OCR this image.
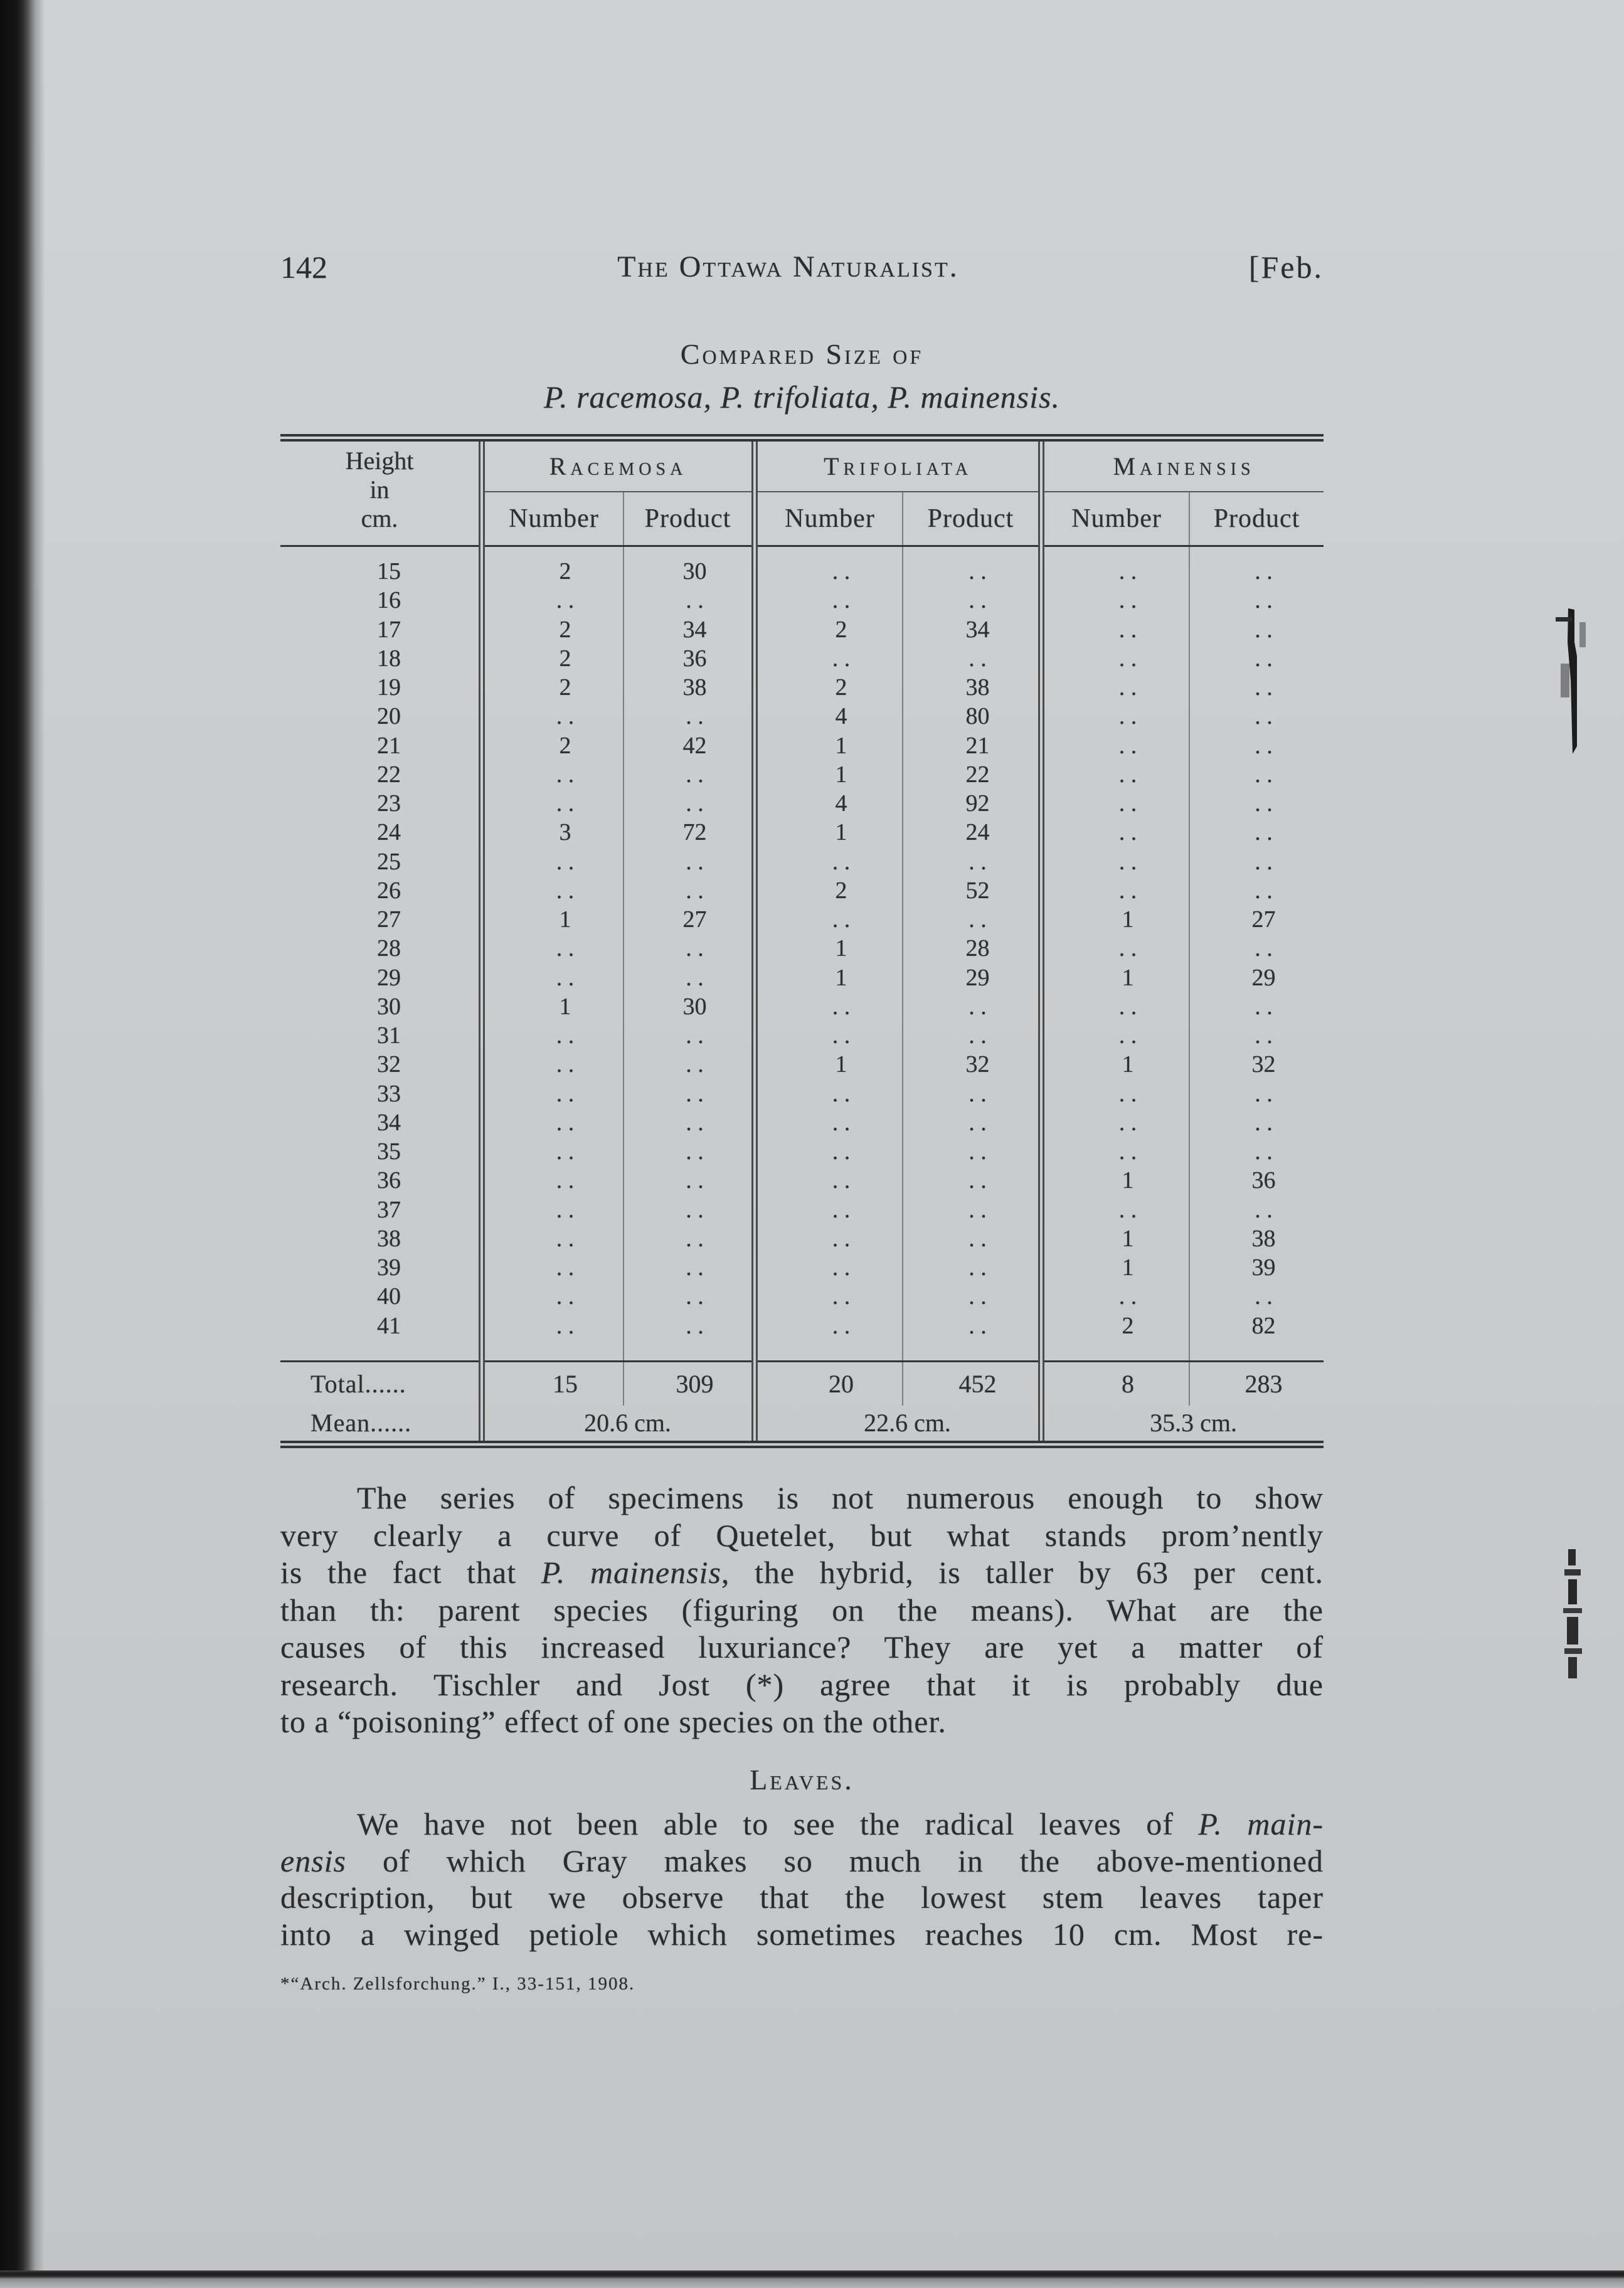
142	The Ottawa Naturalist.	[Feb.
Compared Size of
P. racemosa, P. trifoliata, P. mainensis.
Height
in
cm.	Racemosa		Trifoliata		Mainensis	
	Number	Product	Number	Product	Number	Product

15	2	30	. .	. .	. .	. .
16	. .	. .	. .	. .	. .	. .
17	2	34	2	34	. .	. .
18	2	36	. .	. .	. .	. .
19	2	38	2	38	. .	. .
20	. .	. .	4	80	. .	. .
21	2	42	1	21	. .	. .
22	. .	. .	1	22	. .	. .
23	. .	. .	4	92	. .	. .
24	3	72	1	24	. .	. .
25	. .	. .	. .	. .	. .	. .
26	. .	. .	2	52	. .	. .
27	1	27	. .	. .	1	27
28	. .	. .	1	28	. .	. .
29	. .	. .	1	29	1	29
30	1	30	. .	. .	. .	. .
31	. .	. .	. .	. .	. .	. .
32	. .	. .	1	32	1	32
33	. .	. .	. .	. .	. .	. .
34	. .	. .	. .	. .	. .	. .
35	. .	. .	. .	. .	. .	. .
36	. .	. .	. .	. .	1	36
37	. .	. .	. .	. .	. .	. .
38	. .	. .	. .	. .	1	38
39	. .	. .	. .	. .	1	39
40	. .	. .	. .	. .	. .	. .
41	. .	. .	. .	. .	2	82

Total......	15	309	20	452	8	283
Mean......	20.6 cm.		22.6 cm.		35.3 cm.	
The series of specimens is not numerous enough to show
very clearly a curve of Quetelet, but what stands prom’nently
is the fact that P. mainensis, the hybrid, is taller by 63 per cent.
than th: parent species (figuring on the means). What are the
causes of this increased luxuriance? They are yet a matter of
research. Tischler and Jost (*) agree that it is probably due
to a “poisoning” effect of one species on the other.
Leaves.
We have not been able to see the radical leaves of P. main-
ensis of which Gray makes so much in the above-mentioned
description, but we observe that the lowest stem leaves taper
into a winged petiole which sometimes reaches 10 cm. Most re-
*“Arch. Zellsforchung.” I., 33-151, 1908.
